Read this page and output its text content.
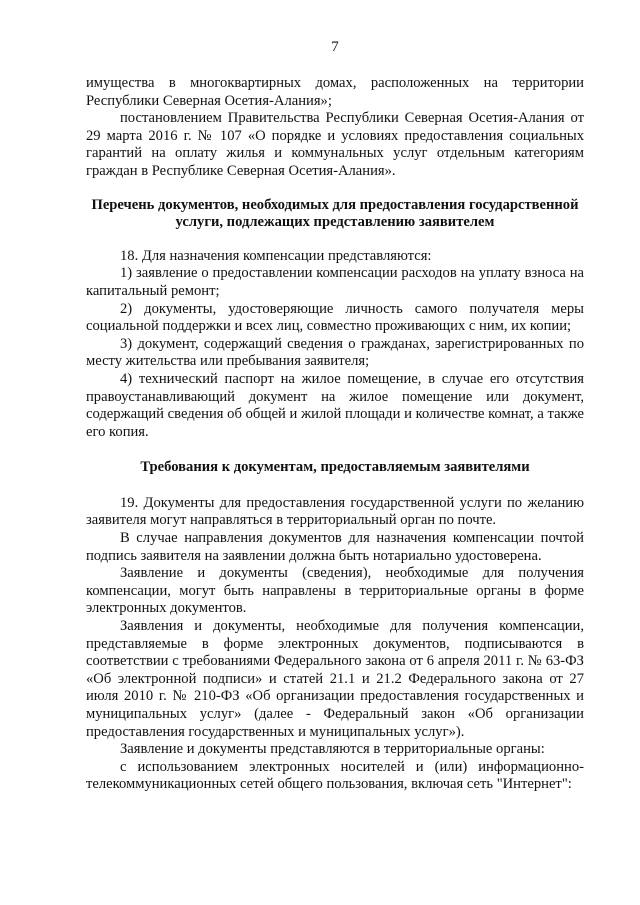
7

имущества в многоквартирных домах, расположенных на территории Республики Северная Осетия-Алания»;

постановлением Правительства Республики Северная Осетия-Алания от 29 марта 2016 г. № 107 «О порядке и условиях предоставления социальных гарантий на оплату жилья и коммунальных услуг отдельным категориям граждан в Республике Северная Осетия-Алания».

Перечень документов, необходимых для предоставления государственной услуги, подлежащих представлению заявителем

18. Для назначения компенсации представляются:

1) заявление о предоставлении компенсации расходов на уплату взноса на капитальный ремонт;

2) документы, удостоверяющие личность самого получателя меры социальной поддержки и всех лиц, совместно проживающих с ним, их копии;

3) документ, содержащий сведения о гражданах, зарегистрированных по месту жительства или пребывания заявителя;

4) технический паспорт на жилое помещение, в случае его отсутствия правоустанавливающий документ на жилое помещение или документ, содержащий сведения об общей и жилой площади и количестве комнат, а также его копия.

Требования к документам, предоставляемым заявителями

19. Документы для предоставления государственной услуги по желанию заявителя могут направляться в территориальный орган по почте.

В случае направления документов для назначения компенсации почтой подпись заявителя на заявлении должна быть нотариально удостоверена.

Заявление и документы (сведения), необходимые для получения компенсации, могут быть направлены в территориальные органы в форме электронных документов.

Заявления и документы, необходимые для получения компенсации, представляемые в форме электронных документов, подписываются в соответствии с требованиями Федерального закона от 6 апреля 2011 г. № 63-ФЗ «Об электронной подписи» и статей 21.1 и 21.2 Федерального закона от 27 июля 2010 г. № 210-ФЗ «Об организации предоставления государственных и муниципальных услуг» (далее - Федеральный закон «Об организации предоставления государственных и муниципальных услуг»).

Заявление и документы представляются в территориальные органы:

с использованием электронных носителей и (или) информационно-телекоммуникационных сетей общего пользования, включая сеть "Интернет":
